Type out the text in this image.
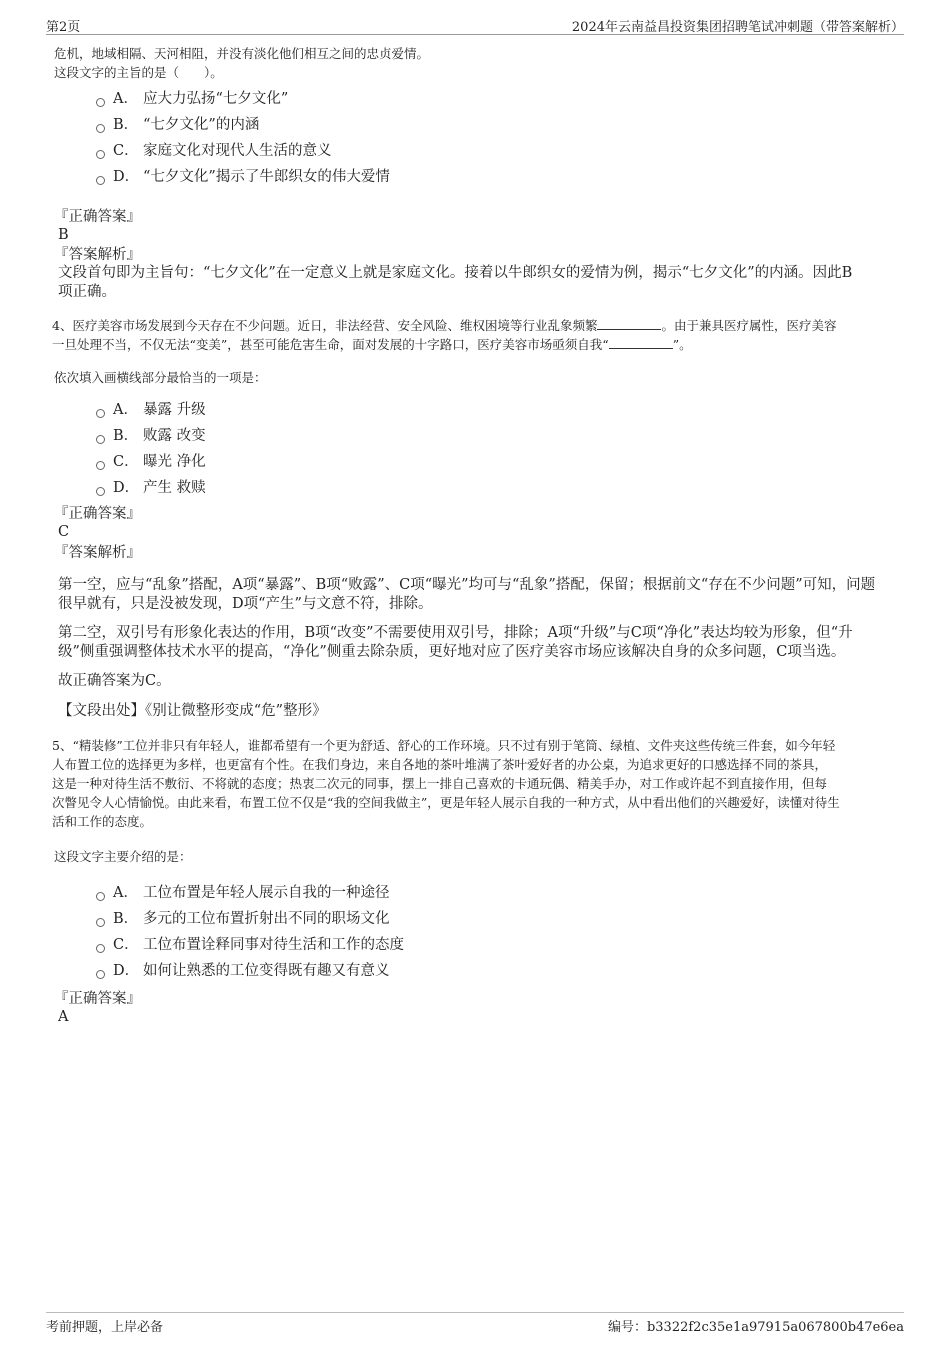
第2页	2024年云南益昌投资集团招聘笔试冲刺题（带答案解析）

危机，地域相隔、天河相阻，并没有淡化他们相互之间的忠贞爱情。

这段文字的主旨的是（　　）。

A． 应大力弘扬“七夕文化”
B． “七夕文化”的内涵
C． 家庭文化对现代人生活的意义
D． “七夕文化”揭示了牛郎织女的伟大爱情

『正确答案』

B

『答案解析』

文段首句即为主旨句：“七夕文化”在一定意义上就是家庭文化。接着以牛郎织女的爱情为例，揭示“七夕文化”的内涵。因此B

项正确。

4、医疗美容市场发展到今天存在不少问题。近日，非法经营、安全风险、维权困境等行业乱象频繁	。由于兼具医疗属性，医疗美容

一旦处理不当，不仅无法“变美”，甚至可能危害生命，面对发展的十字路口，医疗美容市场亟须自我“	”。

依次填入画横线部分最恰当的一项是：

A． 暴露 升级
B． 败露 改变
C． 曝光 净化
D． 产生 救赎

『正确答案』

C

『答案解析』

第一空，应与“乱象”搭配，A项“暴露”、B项“败露”、C项“曝光”均可与“乱象”搭配，保留；根据前文“存在不少问题”可知，问题

很早就有，只是没被发现，D项“产生”与文意不符，排除。

第二空，双引号有形象化表达的作用，B项“改变”不需要使用双引号，排除；A项“升级”与C项“净化”表达均较为形象，但“升

级”侧重强调整体技术水平的提高，“净化”侧重去除杂质，更好地对应了医疗美容市场应该解决自身的众多问题，C项当选。

故正确答案为C。

【文段出处】《别让微整形变成“危”整形》

5、“精装修”工位并非只有年轻人，谁都希望有一个更为舒适、舒心的工作环境。只不过有别于笔筒、绿植、文件夹这些传统三件套，如今年轻

人布置工位的选择更为多样，也更富有个性。在我们身边，来自各地的茶叶堆满了茶叶爱好者的办公桌，为追求更好的口感选择不同的茶具，

这是一种对待生活不敷衍、不将就的态度；热衷二次元的同事，摆上一排自己喜欢的卡通玩偶、精美手办，对工作或许起不到直接作用，但每

次瞥见令人心情愉悦。由此来看，布置工位不仅是“我的空间我做主”，更是年轻人展示自我的一种方式，从中看出他们的兴趣爱好，读懂对待生

活和工作的态度。

这段文字主要介绍的是：

A． 工位布置是年轻人展示自我的一种途径
B． 多元的工位布置折射出不同的职场文化
C． 工位布置诠释同事对待生活和工作的态度
D． 如何让熟悉的工位变得既有趣又有意义

『正确答案』

A

考前押题，上岸必备	编号：b3322f2c35e1a97915a067800b47e6ea
